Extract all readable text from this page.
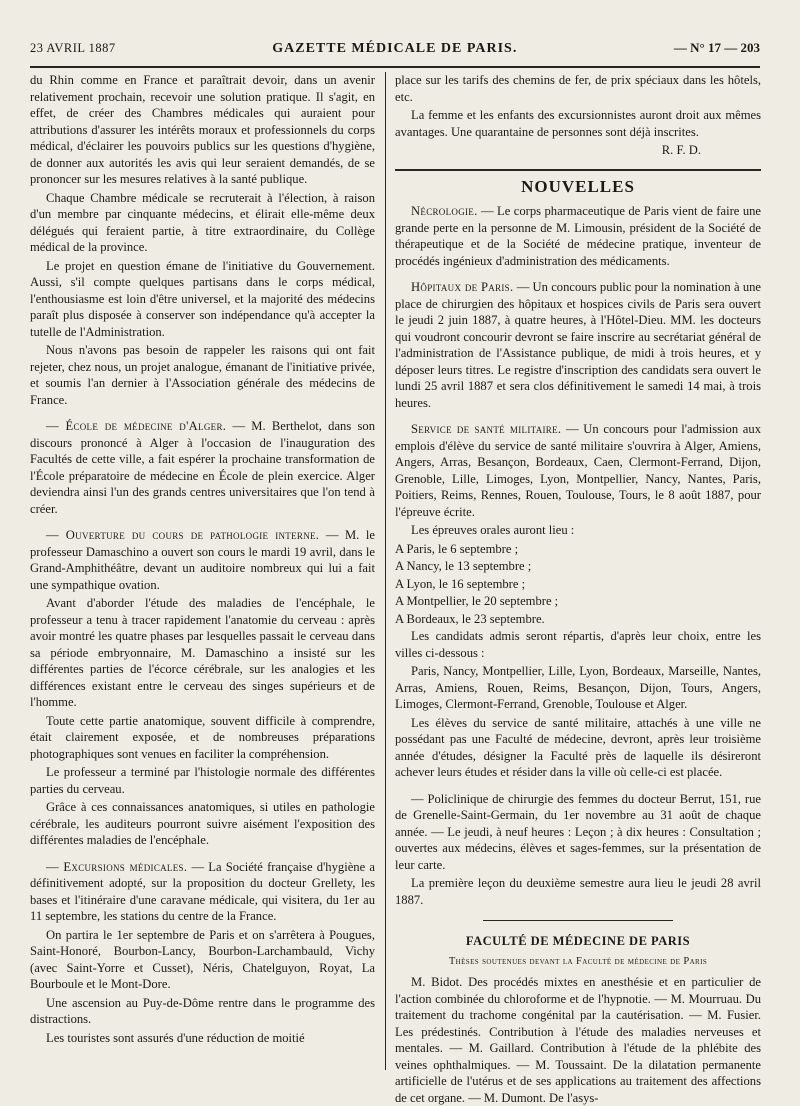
23 AVRIL 1887	GAZETTE MÉDICALE DE PARIS.	— N° 17 — 203

du Rhin comme en France et paraîtrait devoir, dans un avenir relativement prochain, recevoir une solution pratique. Il s'agit, en effet, de créer des Chambres médicales qui auraient pour attributions d'assurer les intérêts moraux et professionnels du corps médical, d'éclairer les pouvoirs publics sur les questions d'hygiène, de donner aux autorités les avis qui leur seraient demandés, de se prononcer sur les mesures relatives à la santé publique.

Chaque Chambre médicale se recruterait à l'élection, à raison d'un membre par cinquante médecins, et élirait elle-même deux délégués qui feraient partie, à titre extraordinaire, du Collège médical de la province.

Le projet en question émane de l'initiative du Gouvernement. Aussi, s'il compte quelques partisans dans le corps médical, l'enthousiasme est loin d'être universel, et la majorité des médecins paraît plus disposée à conserver son indépendance qu'à accepter la tutelle de l'Administration.

Nous n'avons pas besoin de rappeler les raisons qui ont fait rejeter, chez nous, un projet analogue, émanant de l'initiative privée, et soumis l'an dernier à l'Association générale des médecins de France.

— École de médecine d'Alger. — M. Berthelot, dans son discours prononcé à Alger à l'occasion de l'inauguration des Facultés de cette ville, a fait espérer la prochaine transformation de l'École préparatoire de médecine en École de plein exercice. Alger deviendra ainsi l'un des grands centres universitaires que l'on tend à créer.

— Ouverture du cours de pathologie interne. — M. le professeur Damaschino a ouvert son cours le mardi 19 avril, dans le Grand-Amphithéâtre, devant un auditoire nombreux qui lui a fait une sympathique ovation.

Avant d'aborder l'étude des maladies de l'encéphale, le professeur a tenu à tracer rapidement l'anatomie du cerveau : après avoir montré les quatre phases par lesquelles passait le cerveau dans sa période embryonnaire, M. Damaschino a insisté sur les différentes parties de l'écorce cérébrale, sur les analogies et les différences existant entre le cerveau des singes supérieurs et de l'homme.

Toute cette partie anatomique, souvent difficile à comprendre, était clairement exposée, et de nombreuses préparations photographiques sont venues en faciliter la compréhension.

Le professeur a terminé par l'histologie normale des différentes parties du cerveau.

Grâce à ces connaissances anatomiques, si utiles en pathologie cérébrale, les auditeurs pourront suivre aisément l'exposition des différentes maladies de l'encéphale.

— Excursions médicales. — La Société française d'hygiène a définitivement adopté, sur la proposition du docteur Grellety, les bases et l'itinéraire d'une caravane médicale, qui visitera, du 1er au 11 septembre, les stations du centre de la France.

On partira le 1er septembre de Paris et on s'arrêtera à Pougues, Saint-Honoré, Bourbon-Lancy, Bourbon-Larchambauld, Vichy (avec Saint-Yorre et Cusset), Néris, Chatelguyon, Royat, La Bourboule et le Mont-Dore.

Une ascension au Puy-de-Dôme rentre dans le programme des distractions.

Les touristes sont assurés d'une réduction de moitié

place sur les tarifs des chemins de fer, de prix spéciaux dans les hôtels, etc.

La femme et les enfants des excursionnistes auront droit aux mêmes avantages. Une quarantaine de personnes sont déjà inscrites.

R. F. D.

NOUVELLES

Nécrologie. — Le corps pharmaceutique de Paris vient de faire une grande perte en la personne de M. Limousin, président de la Société de thérapeutique et de la Société de médecine pratique, inventeur de procédés ingénieux d'administration des médicaments.

Hôpitaux de Paris. — Un concours public pour la nomination à une place de chirurgien des hôpitaux et hospices civils de Paris sera ouvert le jeudi 2 juin 1887, à quatre heures, à l'Hôtel-Dieu. MM. les docteurs qui voudront concourir devront se faire inscrire au secrétariat général de l'administration de l'Assistance publique, de midi à trois heures, et y déposer leurs titres. Le registre d'inscription des candidats sera ouvert le lundi 25 avril 1887 et sera clos définitivement le samedi 14 mai, à trois heures.

Service de santé militaire. — Un concours pour l'admission aux emplois d'élève du service de santé militaire s'ouvrira à Alger, Amiens, Angers, Arras, Besançon, Bordeaux, Caen, Clermont-Ferrand, Dijon, Grenoble, Lille, Limoges, Lyon, Montpellier, Nancy, Nantes, Paris, Poitiers, Reims, Rennes, Rouen, Toulouse, Tours, le 8 août 1887, pour l'épreuve écrite.

Les épreuves orales auront lieu :

A Paris, le 6 septembre ;

A Nancy, le 13 septembre ;

A Lyon, le 16 septembre ;

A Montpellier, le 20 septembre ;

A Bordeaux, le 23 septembre.

Les candidats admis seront répartis, d'après leur choix, entre les villes ci-dessous :

Paris, Nancy, Montpellier, Lille, Lyon, Bordeaux, Marseille, Nantes, Arras, Amiens, Rouen, Reims, Besançon, Dijon, Tours, Angers, Limoges, Clermont-Ferrand, Grenoble, Toulouse et Alger.

Les élèves du service de santé militaire, attachés à une ville ne possédant pas une Faculté de médecine, devront, après leur troisième année d'études, désigner la Faculté près de laquelle ils désireront achever leurs études et résider dans la ville où celle-ci est placée.

— Policlinique de chirurgie des femmes du docteur Berrut, 151, rue de Grenelle-Saint-Germain, du 1er novembre au 31 août de chaque année. — Le jeudi, à neuf heures : Leçon ; à dix heures : Consultation ; ouvertes aux médecins, élèves et sages-femmes, sur la présentation de leur carte.

La première leçon du deuxième semestre aura lieu le jeudi 28 avril 1887.

FACULTÉ DE MÉDECINE DE PARIS
Thèses soutenues devant la Faculté de médecine de Paris

M. Bidot. Des procédés mixtes en anesthésie et en particulier de l'action combinée du chloroforme et de l'hypnotie. — M. Mourruau. Du traitement du trachome congénital par la cautérisation. — M. Fusier. Les prédestinés. Contribution à l'étude des maladies nerveuses et mentales. — M. Gaillard. Contribution à l'étude de la phlébite des veines ophthalmiques. — M. Toussaint. De la dilatation permanente artificielle de l'utérus et de ses applications au traitement des affections de cet organe. — M. Dumont. De l'asys-
